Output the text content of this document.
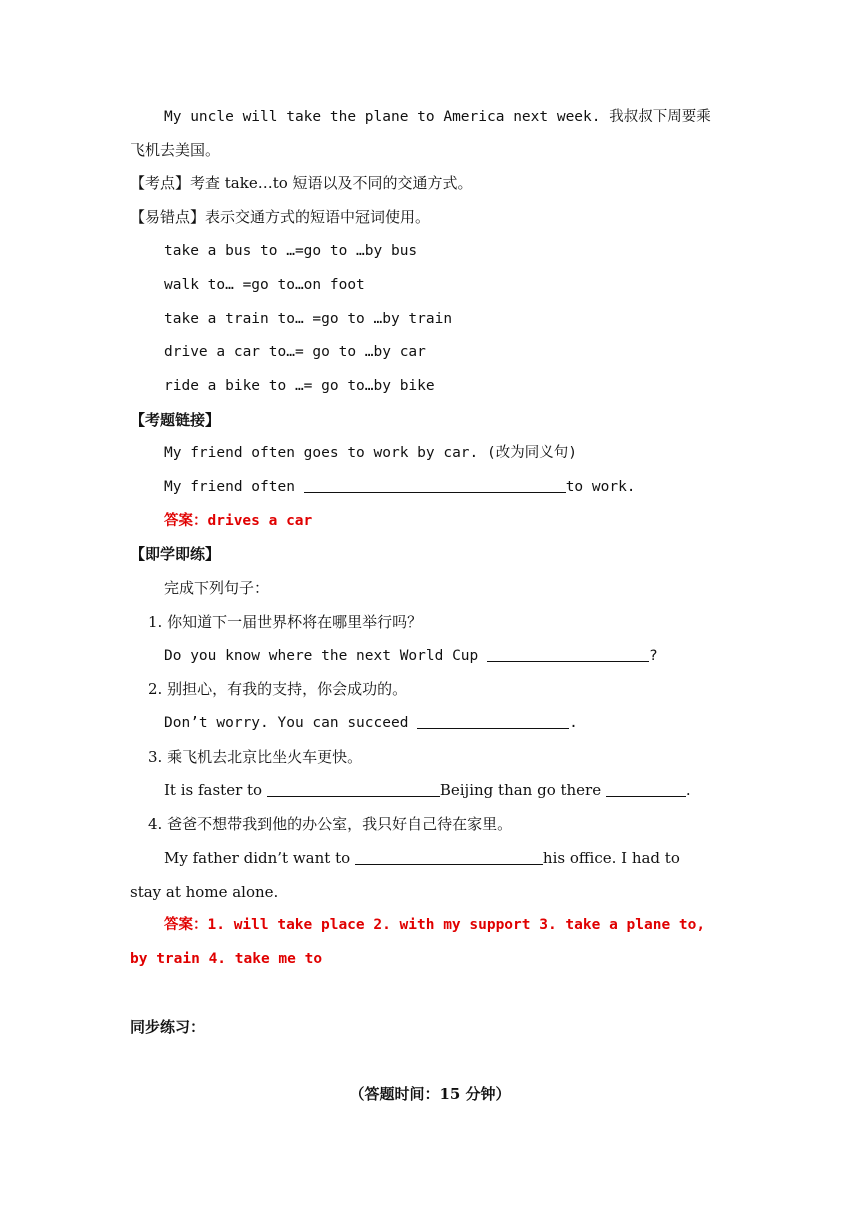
My uncle will take the plane to America next week. 我叔叔下周要乘
飞机去美国。
【考点】考查 take…to 短语以及不同的交通方式。
【易错点】表示交通方式的短语中冠词使用。
take a bus to …=go to …by bus
walk to… =go to…on foot
take a train to… =go to …by train
drive a car to…= go to …by car
ride a bike to …= go to…by bike
【考题链接】
My friend often goes to work by car. (改为同义句)
My friend often	to work.
答案：drives a car
【即学即练】
完成下列句子：
1. 你知道下一届世界杯将在哪里举行吗？
Do you know where the next World Cup	?
2. 别担心，有我的支持，你会成功的。
Don’t worry. You can succeed	.
3. 乘飞机去北京比坐火车更快。
It is faster to	Beijing than go there	.
4. 爸爸不想带我到他的办公室，我只好自己待在家里。
My father didn’t want to	his office. I had to
stay at home alone.
答案：1. will take place 2. with my support 3. take a plane to,
by train 4. take me to
同步练习：
（答题时间：15 分钟）
